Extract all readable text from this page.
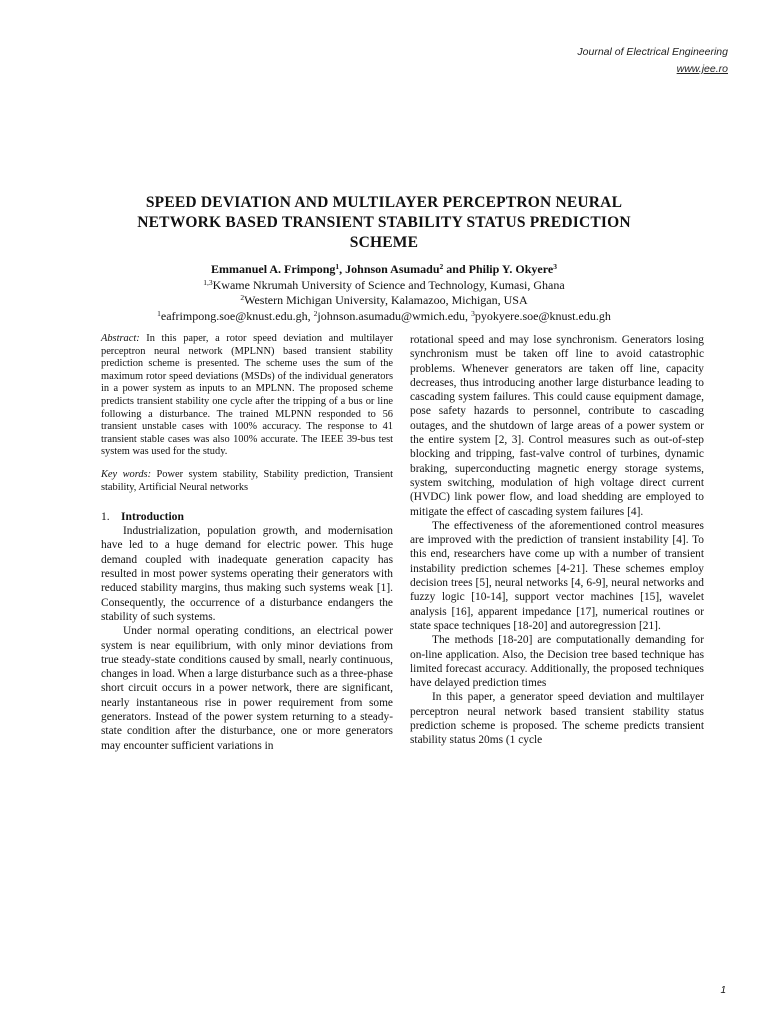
Journal of Electrical Engineering
www.jee.ro
SPEED DEVIATION AND MULTILAYER PERCEPTRON NEURAL
NETWORK BASED TRANSIENT STABILITY STATUS PREDICTION
SCHEME
Emmanuel A. Frimpong$^1$, Johnson Asumadu$^2$ and Philip Y. Okyere$^3$
$^{1,3}$Kwame Nkrumah University of Science and Technology, Kumasi, Ghana
$^2$Western Michigan University, Kalamazoo, Michigan, USA
$^1$eafrimpong.soe@knust.edu.gh, $^2$johnson.asumadu@wmich.edu, $^3$pyokyere.soe@knust.edu.gh

Abstract: In this paper, a rotor speed deviation and multilayer perceptron neural network (MPLNN) based transient stability prediction scheme is presented. The scheme uses the sum of the maximum rotor speed deviations (MSDs) of the individual generators in a power system as inputs to an MPLNN. The proposed scheme predicts transient stability one cycle after the tripping of a bus or line following a disturbance. The trained MLPNN responded to 56 transient unstable cases with 100% accuracy. The response to 41 transient stable cases was also 100% accurate. The IEEE 39-bus test system was used for the study.

Key words: Power system stability, Stability prediction, Transient stability, Artificial Neural networks

1. Introduction

Industrialization, population growth, and modernisation have led to a huge demand for electric power. This huge demand coupled with inadequate generation capacity has resulted in most power systems operating their generators with reduced stability margins, thus making such systems weak [1]. Consequently, the occurrence of a disturbance endangers the stability of such systems.

Under normal operating conditions, an electrical power system is near equilibrium, with only minor deviations from true steady-state conditions caused by small, nearly continuous, changes in load. When a large disturbance such as a three-phase short circuit occurs in a power network, there are significant, nearly instantaneous rise in power requirement from some generators. Instead of the power system returning to a steady-state condition after the disturbance, one or more generators may encounter sufficient variations in

rotational speed and may lose synchronism. Generators losing synchronism must be taken off line to avoid catastrophic problems. Whenever generators are taken off line, capacity decreases, thus introducing another large disturbance leading to cascading system failures. This could cause equipment damage, pose safety hazards to personnel, contribute to cascading outages, and the shutdown of large areas of a power system or the entire system [2, 3]. Control measures such as out-of-step blocking and tripping, fast-valve control of turbines, dynamic braking, superconducting magnetic energy storage systems, system switching, modulation of high voltage direct current (HVDC) link power flow, and load shedding are employed to mitigate the effect of cascading system failures [4].

The effectiveness of the aforementioned control measures are improved with the prediction of transient instability [4]. To this end, researchers have come up with a number of transient instability prediction schemes [4-21]. These schemes employ decision trees [5], neural networks [4, 6-9], neural networks and fuzzy logic [10-14], support vector machines [15], wavelet analysis [16], apparent impedance [17], numerical routines or state space techniques [18-20] and autoregression [21].

The methods [18-20] are computationally demanding for on-line application. Also, the Decision tree based technique has limited forecast accuracy. Additionally, the proposed techniques have delayed prediction times

In this paper, a generator speed deviation and multilayer perceptron neural network based transient stability status prediction scheme is proposed. The scheme predicts transient stability status 20ms (1 cycle

1
